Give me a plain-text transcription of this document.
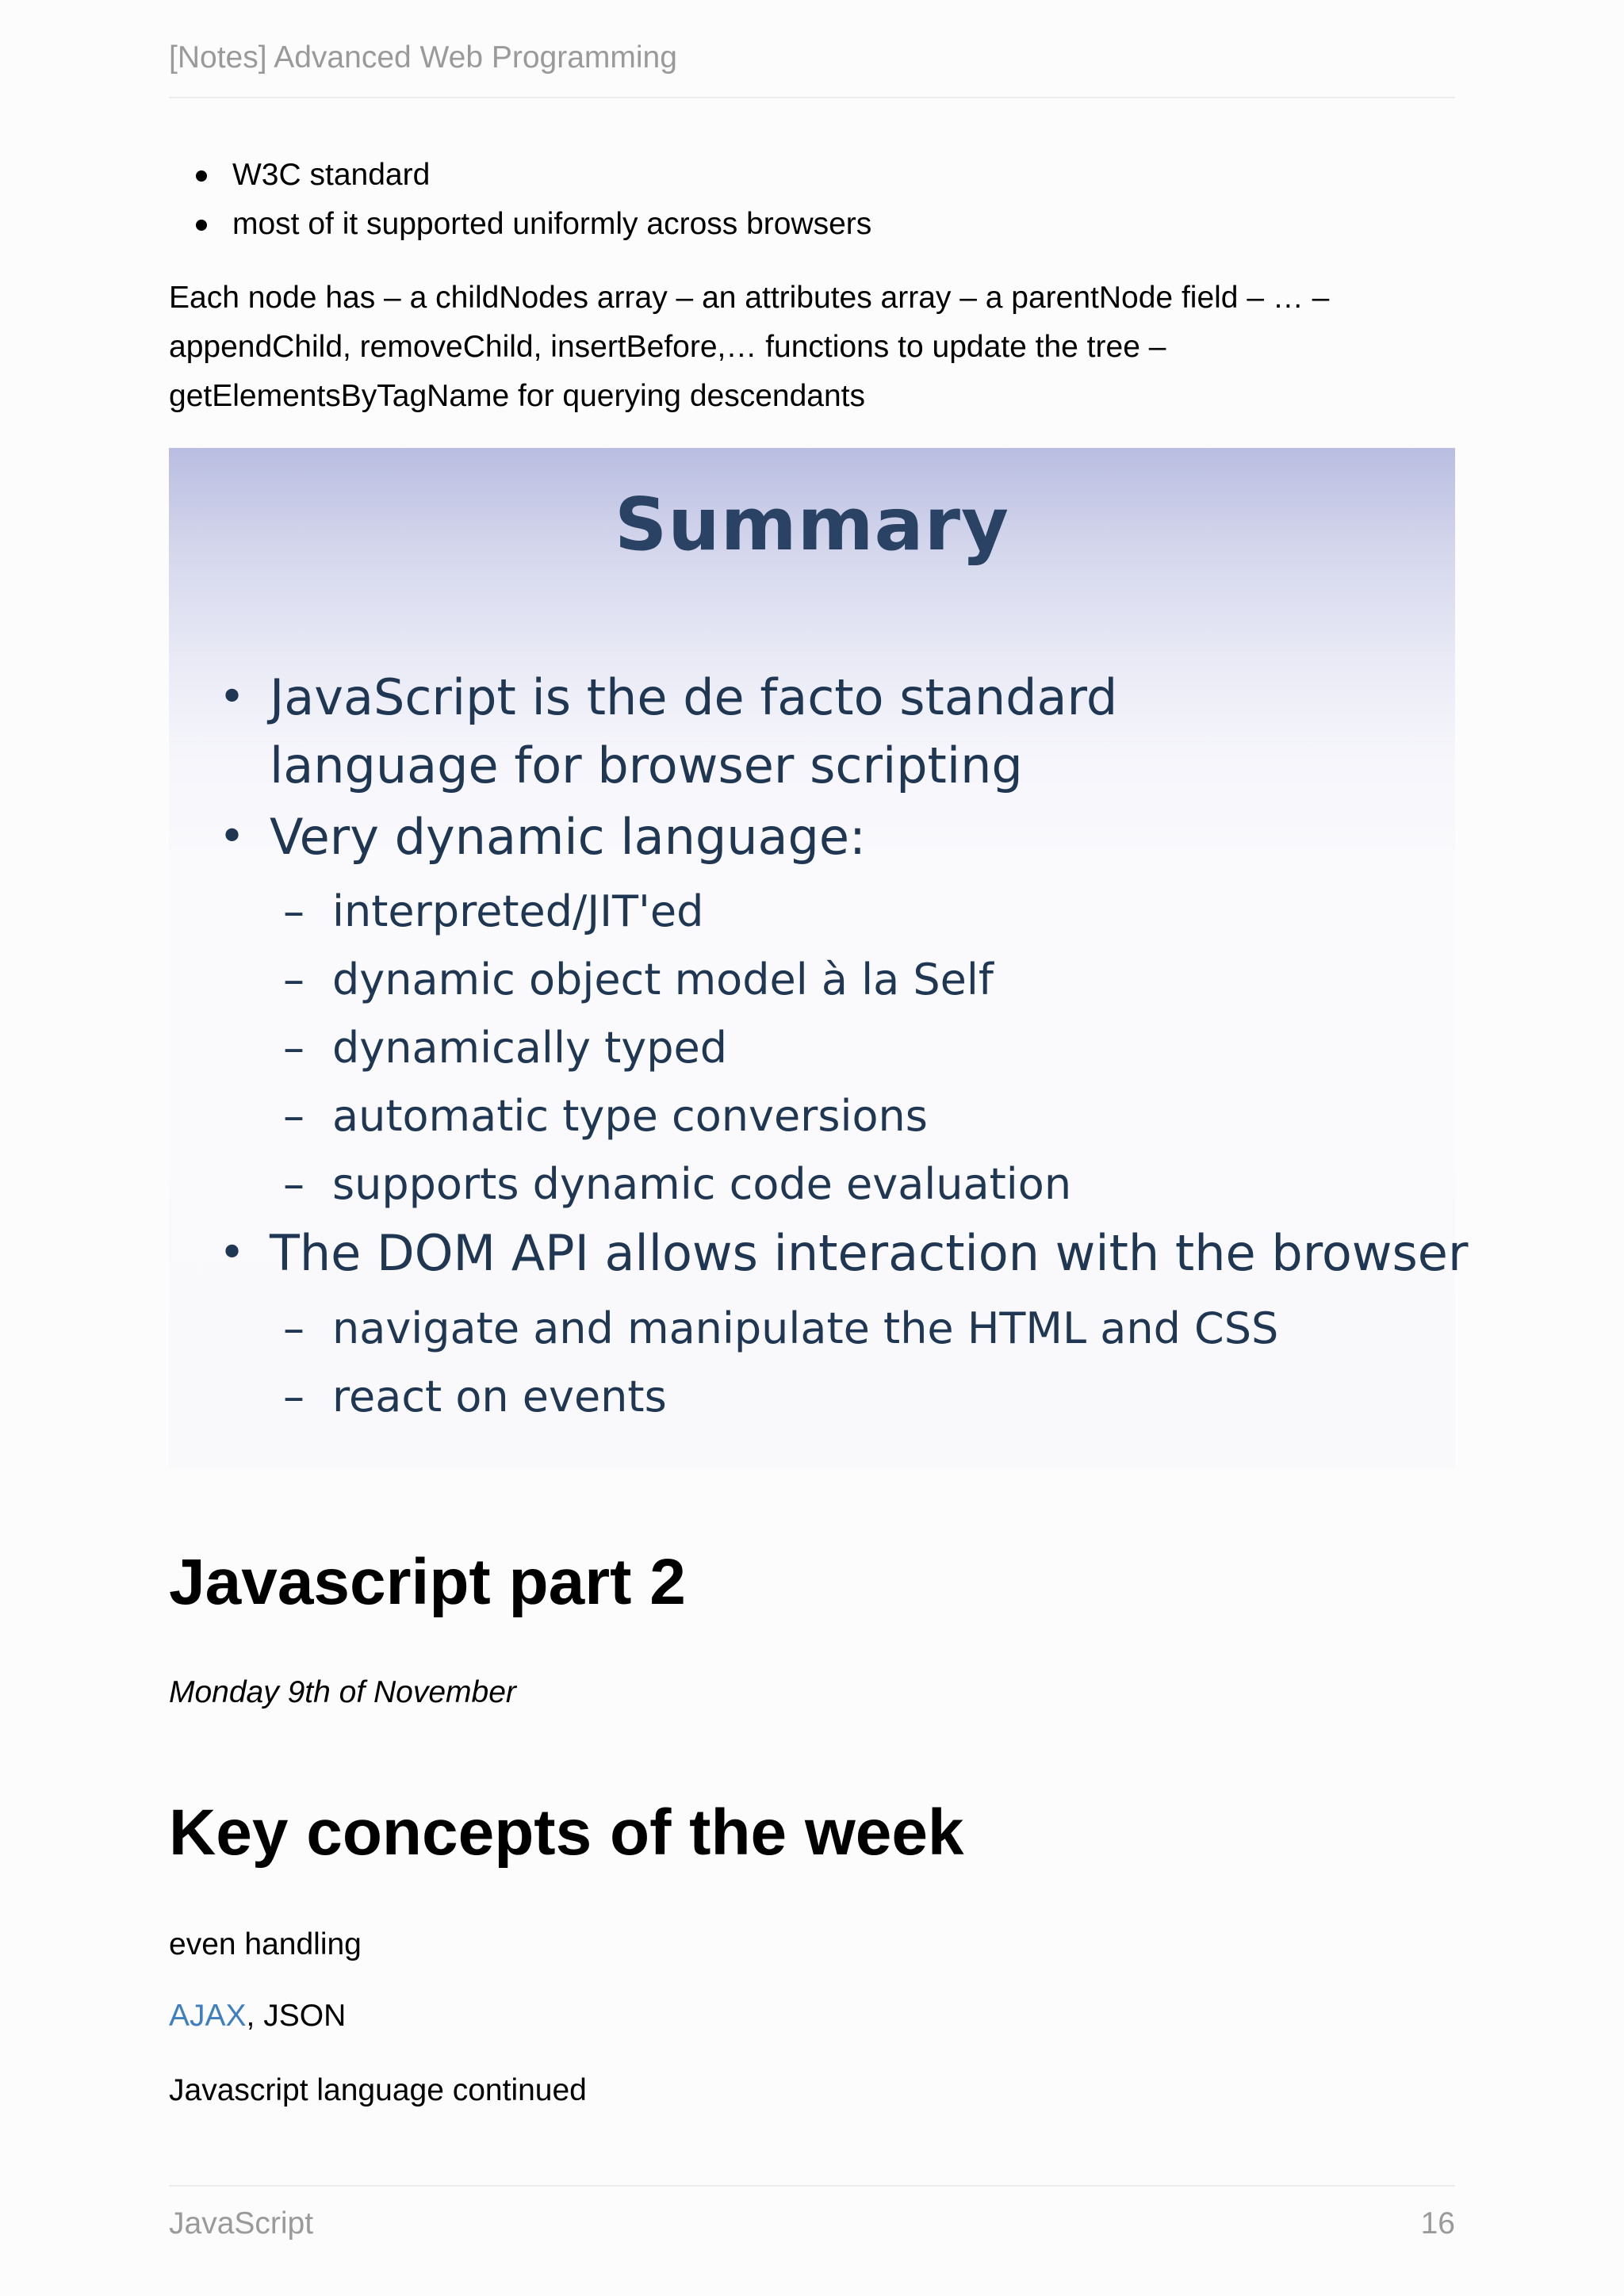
[Notes] Advanced Web Programming
W3C standard
most of it supported uniformly across browsers

Each node has – a childNodes array – an attributes array – a parentNode field – … – appendChild, removeChild, insertBefore,… functions to update the tree – getElementsByTagName for querying descendants

Summary
• JavaScript is the de facto standard language for browser scripting
• Very dynamic language:
– interpreted/JIT'ed
– dynamic object model à la Self
– dynamically typed
– automatic type conversions
– supports dynamic code evaluation
• The DOM API allows interaction with the browser
– navigate and manipulate the HTML and CSS
– react on events
Javascript part 2

Monday 9th of November

Key concepts of the week

even handling

AJAX, JSON

Javascript language continued

JavaScript	16
